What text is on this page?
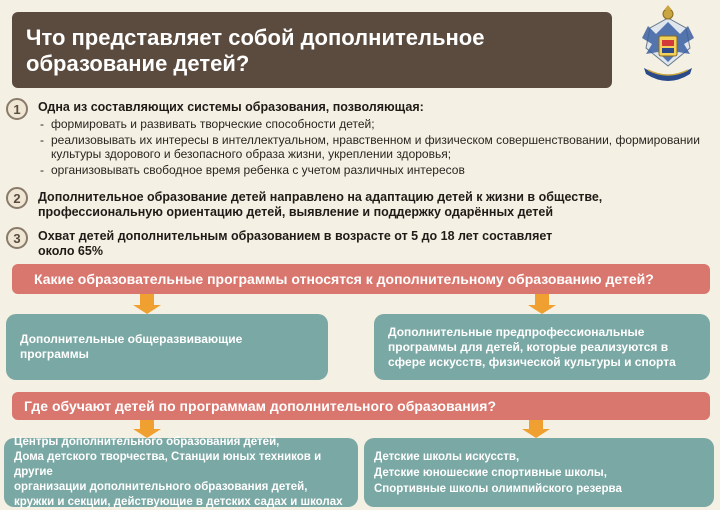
Что представляет собой дополнительное
образование детей?
1 Одна из составляющих системы образования, позволяющая:
- формировать и развивать творческие способности детей;
- реализовывать их интересы в интеллектуальном, нравственном и физическом совершенствовании, формировании культуры здорового и безопасного образа жизни, укреплении здоровья;
- организовывать свободное время ребенка с учетом различных интересов
2 Дополнительное образование детей направлено на адаптацию детей к жизни в обществе, профессиональную ориентацию детей, выявление и поддержку одарённых детей
3 Охват детей дополнительным образованием в возрасте от 5 до 18 лет составляет
около 65%
Какие образовательные программы относятся к дополнительному образованию детей?
Дополнительные общеразвивающие программы
Дополнительные предпрофессиональные программы для детей, которые реализуются в сфере искусств, физической культуры и спорта
Где обучают детей по программам дополнительного образования?
Центры дополнительного образования детей,
Дома детского творчества, Станции юных техников и другие
организации дополнительного образования детей,
кружки и секции, действующие в детских садах и школах
Детские школы искусств,
Детские юношеские спортивные школы,
Спортивные школы олимпийского резерва
